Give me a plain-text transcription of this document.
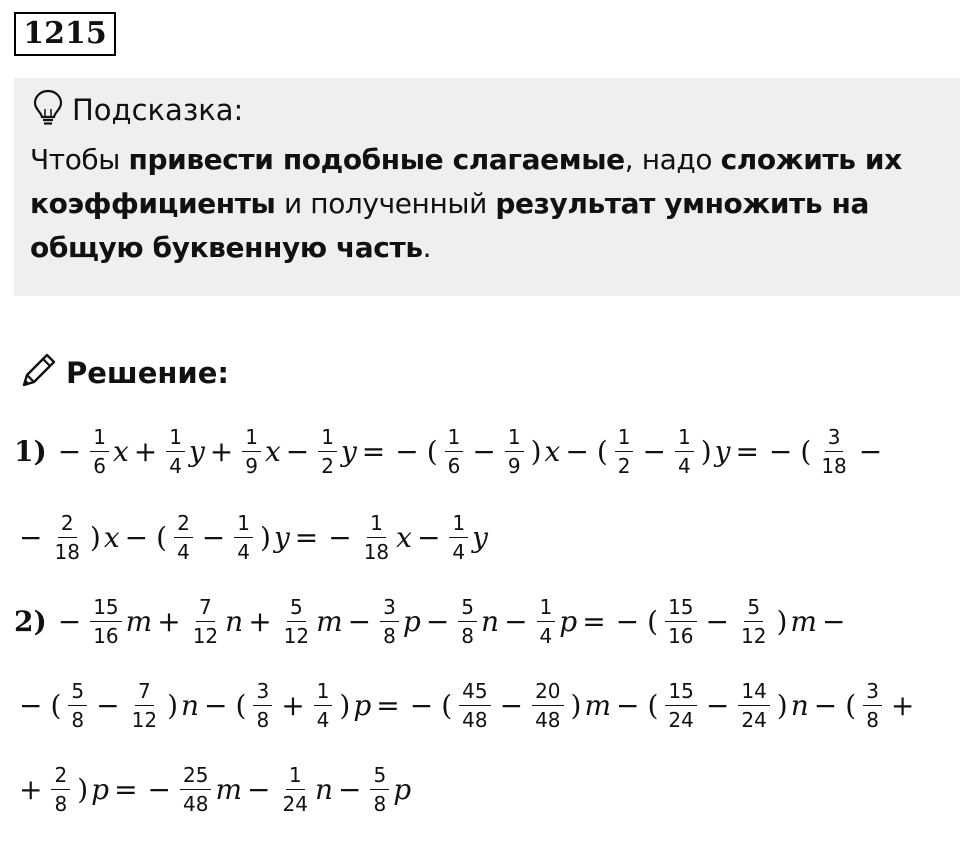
1215
Подсказка:
Чтобы привести подобные слагаемые, надо сложить их коэффициенты и полученный результат умножить на общую буквенную часть.
Решение:
$1) - \frac{1}{6}$ $x + \frac{1}{4}$ $y + \frac{1}{9}$ $x - \frac{1}{2}$ y = − ( $\frac{1}{6} - \frac{1}{9}$ ) x − ( $\frac{1}{2} - \frac{1}{4}$ ) y = − ( $\frac{3}{18}$ −
− $\frac{2}{18}$ ) x − ( $\frac{2}{4} - \frac{1}{4}$ ) y = − $\frac{1}{18}$ $x - \frac{1}{4}$ y
$2) - \frac{15}{16}$ $m + \frac{7}{12}$ $n + \frac{5}{12}$ $m - \frac{3}{8}$ $p - \frac{5}{8}$ $n - \frac{1}{4}$ p = − ( $\frac{15}{16} - \frac{5}{12}$ ) m −
− ( $\frac{5}{8} - \frac{7}{12}$ ) n − ( $\frac{3}{8} + \frac{1}{4}$ ) p = − ( $\frac{45}{48} - \frac{20}{48}$ ) m − ( $\frac{15}{24} - \frac{14}{24}$ ) n − ( $\frac{3}{8}$ +
+ $\frac{2}{8}$ ) p = − $\frac{25}{48}$ $m - \frac{1}{24}$ $n - \frac{5}{8}$ p
